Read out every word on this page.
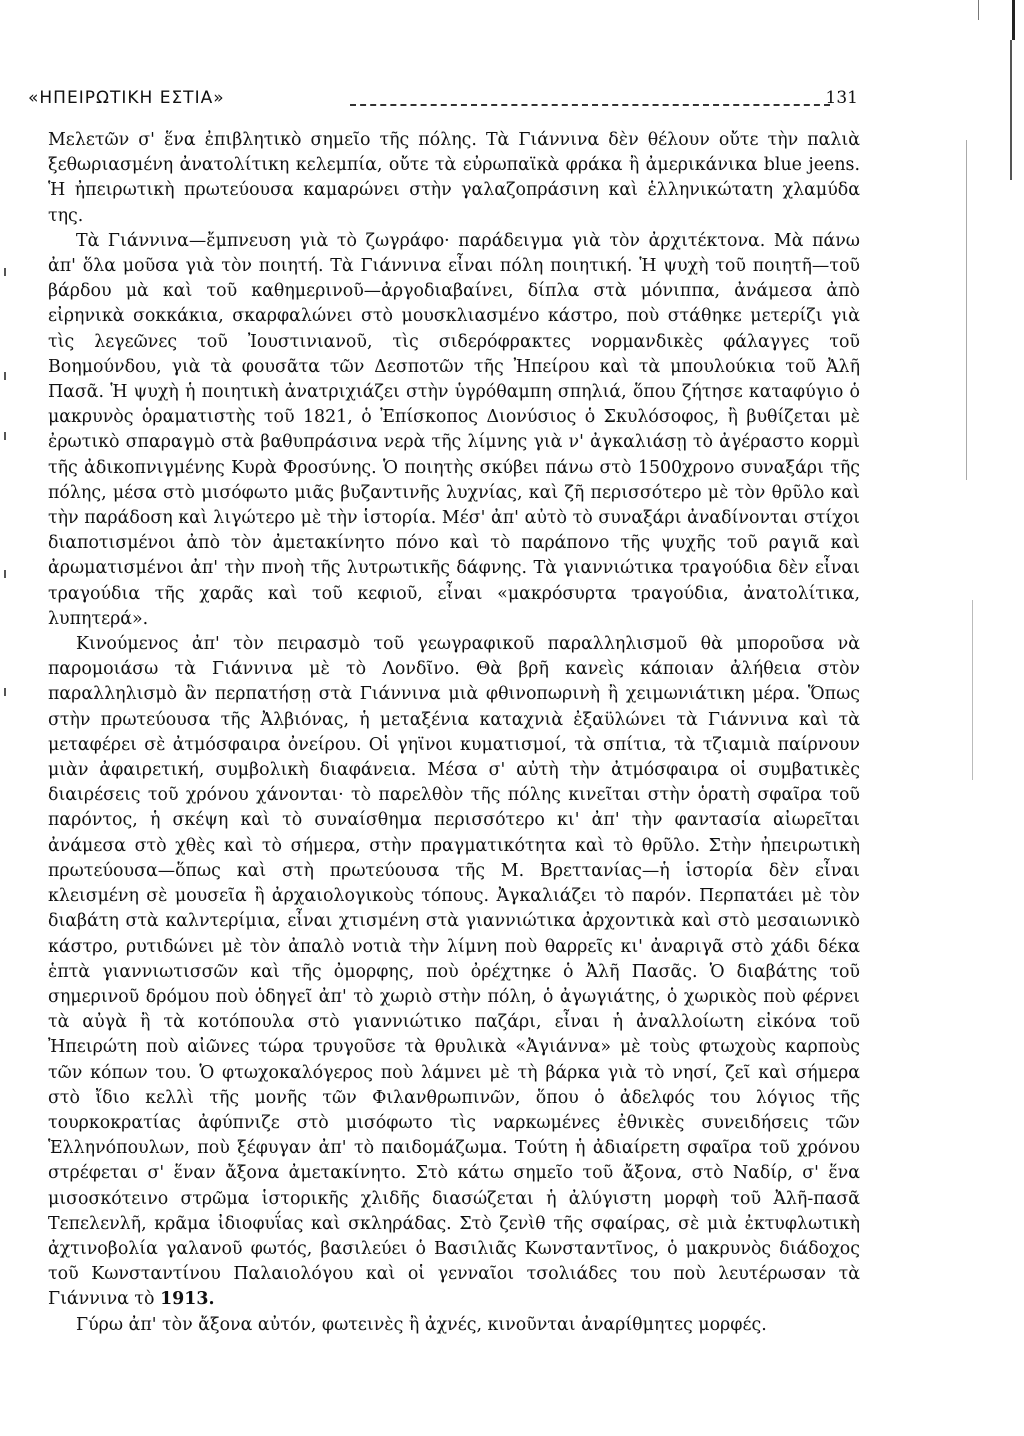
«ΗΠΕΙΡΩΤΙΚΗ ΕΣΤΙΑ»	131

Μελετῶν σ' ἕνα ἐπιβλητικὸ σημεῖο τῆς πόλης. Τὰ Γιάννινα δὲν θέλουν οὔτε τὴν παλιὰ ξεθωριασμένη ἀνατολίτικη κελεμπία, οὔτε τὰ εὐρωπαϊκὰ φράκα ἢ ἀμερικάνικα blue jeens. Ἡ ἠπειρωτικὴ πρωτεύουσα καμαρώνει στὴν γαλαζοπράσινη καὶ ἑλληνικώτατη χλαμύδα της.

Τὰ Γιάννινα—ἔμπνευση γιὰ τὸ ζωγράφο· παράδειγμα γιὰ τὸν ἀρχιτέκτονα. Μὰ πάνω ἀπ' ὅλα μοῦσα γιὰ τὸν ποιητή. Τὰ Γιάννινα εἶναι πόλη ποιητική. Ἡ ψυχὴ τοῦ ποιητῆ—τοῦ βάρδου μὰ καὶ τοῦ καθημερινοῦ—ἀργοδιαβαίνει, δίπλα στὰ μόνιππα, ἀνάμεσα ἀπὸ εἰρηνικὰ σοκκάκια, σκαρφαλώνει στὸ μουσκλιασμένο κάστρο, ποὺ στάθηκε μετερίζι γιὰ τὶς λεγεῶνες τοῦ Ἰουστινιανοῦ, τὶς σιδερόφρακτες νορμανδικὲς φάλαγγες τοῦ Βοημούνδου, γιὰ τὰ φουσᾶτα τῶν Δεσποτῶν τῆς Ἠπείρου καὶ τὰ μπουλούκια τοῦ Ἀλῆ Πασᾶ. Ἡ ψυχὴ ἡ ποιητικὴ ἀνατριχιάζει στὴν ὑγρόθαμπη σπηλιά, ὅπου ζήτησε καταφύγιο ὁ μακρυνὸς ὁραματιστὴς τοῦ 1821, ὁ Ἐπίσκοπος Διονύσιος ὁ Σκυλόσοφος, ἢ βυθίζεται μὲ ἐρωτικὸ σπαραγμὸ στὰ βαθυπράσινα νερὰ τῆς λίμνης γιὰ ν' ἀγκαλιάσῃ τὸ ἀγέραστο κορμὶ τῆς ἀδικοπνιγμένης Κυρὰ Φροσύνης. Ὁ ποιητὴς σκύβει πάνω στὸ 1500χρονο συναξάρι τῆς πόλης, μέσα στὸ μισόφωτο μιᾶς βυζαντινῆς λυχνίας, καὶ ζῆ περισσότερο μὲ τὸν θρῦλο καὶ τὴν παράδοση καὶ λιγώτερο μὲ τὴν ἱστορία. Μέσ' ἀπ' αὐτὸ τὸ συναξάρι ἀναδίνονται στίχοι διαποτισμένοι ἀπὸ τὸν ἀμετακίνητο πόνο καὶ τὸ παράπονο τῆς ψυχῆς τοῦ ραγιᾶ καὶ ἀρωματισμένοι ἀπ' τὴν πνοὴ τῆς λυτρωτικῆς δάφνης. Τὰ γιαννιώτικα τραγούδια δὲν εἶναι τραγούδια τῆς χαρᾶς καὶ τοῦ κεφιοῦ, εἶναι «μακρόσυρτα τραγούδια, ἀνατολίτικα, λυπητερά».

Κινούμενος ἀπ' τὸν πειρασμὸ τοῦ γεωγραφικοῦ παραλληλισμοῦ θὰ μποροῦσα νὰ παρομοιάσω τὰ Γιάννινα μὲ τὸ Λονδῖνο. Θὰ βρῆ κανεὶς κάποιαν ἀλήθεια στὸν παραλληλισμὸ ἂν περπατήσῃ στὰ Γιάννινα μιὰ φθινοπωρινὴ ἢ χειμωνιάτικη μέρα. Ὅπως στὴν πρωτεύουσα τῆς Ἀλβιόνας, ἡ μεταξένια καταχνιὰ ἐξαϋλώνει τὰ Γιάννινα καὶ τὰ μεταφέρει σὲ ἀτμόσφαιρα ὀνείρου. Οἱ γηϊνοι κυματισμοί, τὰ σπίτια, τὰ τζιαμιὰ παίρνουν μιὰν ἀφαιρετική, συμβολικὴ διαφάνεια. Μέσα σ' αὐτὴ τὴν ἀτμόσφαιρα οἱ συμβατικὲς διαιρέσεις τοῦ χρόνου χάνονται· τὸ παρελθὸν τῆς πόλης κινεῖται στὴν ὁρατὴ σφαῖρα τοῦ παρόντος, ἡ σκέψη καὶ τὸ συναίσθημα περισσότερο κι' ἀπ' τὴν φαντασία αἰωρεῖται ἀνάμεσα στὸ χθὲς καὶ τὸ σήμερα, στὴν πραγματικότητα καὶ τὸ θρῦλο. Στὴν ἠπειρωτικὴ πρωτεύουσα—ὅπως καὶ στὴ πρωτεύουσα τῆς Μ. Βρεττανίας—ἡ ἱστορία δὲν εἶναι κλεισμένη σὲ μουσεῖα ἢ ἀρχαιολογικοὺς τόπους. Ἀγκαλιάζει τὸ παρόν. Περπατάει μὲ τὸν διαβάτη στὰ καλντερίμια, εἶναι χτισμένη στὰ γιαννιώτικα ἀρχοντικὰ καὶ στὸ μεσαιωνικὸ κάστρο, ρυτιδώνει μὲ τὸν ἀπαλὸ νοτιὰ τὴν λίμνη ποὺ θαρρεῖς κι' ἀναριγᾶ στὸ χάδι δέκα ἑπτὰ γιαννιωτισσῶν καὶ τῆς ὀμορφης, ποὺ ὀρέχτηκε ὁ Ἀλῆ Πασᾶς. Ὁ διαβάτης τοῦ σημερινοῦ δρόμου ποὺ ὁδηγεῖ ἀπ' τὸ χωριὸ στὴν πόλη, ὁ ἀγωγιάτης, ὁ χωρικὸς ποὺ φέρνει τὰ αὐγὰ ἢ τὰ κοτόπουλα στὸ γιαννιώτικο παζάρι, εἶναι ἡ ἀναλλοίωτη εἰκόνα τοῦ Ἠπειρώτη ποὺ αἰῶνες τώρα τρυγοῦσε τὰ θρυλικὰ «Ἀγιάννα» μὲ τοὺς φτωχοὺς καρποὺς τῶν κόπων του. Ὁ φτωχοκαλόγερος ποὺ λάμνει μὲ τὴ βάρκα γιὰ τὸ νησί, ζεῖ καὶ σήμερα στὸ ἴδιο κελλὶ τῆς μονῆς τῶν Φιλανθρωπινῶν, ὅπου ὁ ἀδελφός του λόγιος τῆς τουρκοκρατίας ἀφύπνιζε στὸ μισόφωτο τὶς ναρκωμένες ἐθνικὲς συνειδήσεις τῶν Ἑλληνόπουλων, ποὺ ξέφυγαν ἀπ' τὸ παιδομάζωμα. Τούτη ἡ ἀδιαίρετη σφαῖρα τοῦ χρόνου στρέφεται σ' ἕναν ἄξονα ἀμετακίνητο. Στὸ κάτω σημεῖο τοῦ ἄξονα, στὸ Ναδίρ, σ' ἕνα μισοσκότεινο στρῶμα ἱστορικῆς χλιδῆς διασώζεται ἡ ἀλύγιστη μορφὴ τοῦ Ἀλῆ-πασᾶ Τεπελενλῆ, κρᾶμα ἰδιοφυΐας καὶ σκληράδας. Στὸ ζενὶθ τῆς σφαίρας, σὲ μιὰ ἐκτυφλωτικὴ ἀχτινοβολία γαλανοῦ φωτός, βασιλεύει ὁ Βασιλιᾶς Κωνσταντῖνος, ὁ μακρυνὸς διάδοχος τοῦ Κωνσταντίνου Παλαιολόγου καὶ οἱ γενναῖοι τσολιάδες του ποὺ λευτέρωσαν τὰ Γιάννινα τὸ 1913.

Γύρω ἀπ' τὸν ἄξονα αὐτόν, φωτεινὲς ἢ ἀχνές, κινοῦνται ἀναρίθμητες μορφές.
